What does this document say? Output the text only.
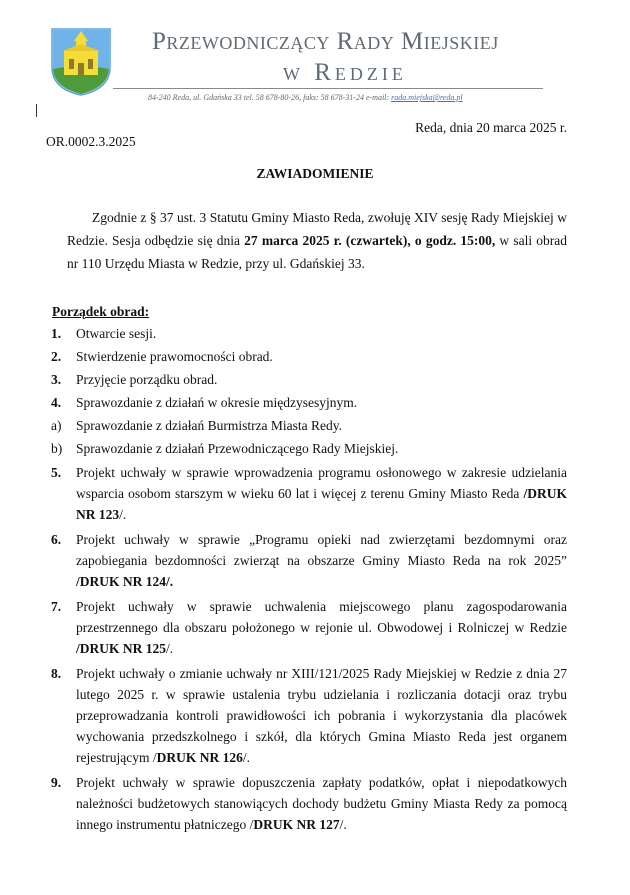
Przewodniczący Rady Miejskiej
w Redzie
84-240 Reda, ul. Gdańska 33 tel. 58 678-80-26, faks: 58 678-31-24 e-mail: rada.miejska@reda.pl
Reda, dnia 20 marca 2025 r.
OR.0002.3.2025
ZAWIADOMIENIE

Zgodnie z § 37 ust. 3 Statutu Gminy Miasto Reda, zwołuję XIV sesję Rady Miejskiej w Redzie. Sesja odbędzie się dnia 27 marca 2025 r. (czwartek), o godz. 15:00, w sali obrad nr 110 Urzędu Miasta w Redzie, przy ul. Gdańskiej 33.

Porządek obrad:
1.	Otwarcie sesji.
2.	Stwierdzenie prawomocności obrad.
3.	Przyjęcie porządku obrad.
4.	Sprawozdanie z działań w okresie międzysesyjnym.
a)	Sprawozdanie z działań Burmistrza Miasta Redy.
b)	Sprawozdanie z działań Przewodniczącego Rady Miejskiej.
5.	Projekt uchwały w sprawie wprowadzenia programu osłonowego w zakresie udzielania wsparcia osobom starszym w wieku 60 lat i więcej z terenu Gminy Miasto Reda /DRUK NR 123/.
6.	Projekt uchwały w sprawie „Programu opieki nad zwierzętami bezdomnymi oraz zapobiegania bezdomności zwierząt na obszarze Gminy Miasto Reda na rok 2025” /DRUK NR 124/.
7.	Projekt uchwały w sprawie uchwalenia miejscowego planu zagospodarowania przestrzennego dla obszaru położonego w rejonie ul. Obwodowej i Rolniczej w Redzie /DRUK NR 125/.
8.	Projekt uchwały o zmianie uchwały nr XIII/121/2025 Rady Miejskiej w Redzie z dnia 27 lutego 2025 r. w sprawie ustalenia trybu udzielania i rozliczania dotacji oraz trybu przeprowadzania kontroli prawidłowości ich pobrania i wykorzystania dla placówek wychowania przedszkolnego i szkół, dla których Gmina Miasto Reda jest organem rejestrującym /DRUK NR 126/.
9.	Projekt uchwały w sprawie dopuszczenia zapłaty podatków, opłat i niepodatkowych należności budżetowych stanowiących dochody budżetu Gminy Miasta Redy za pomocą innego instrumentu płatniczego /DRUK NR 127/.
